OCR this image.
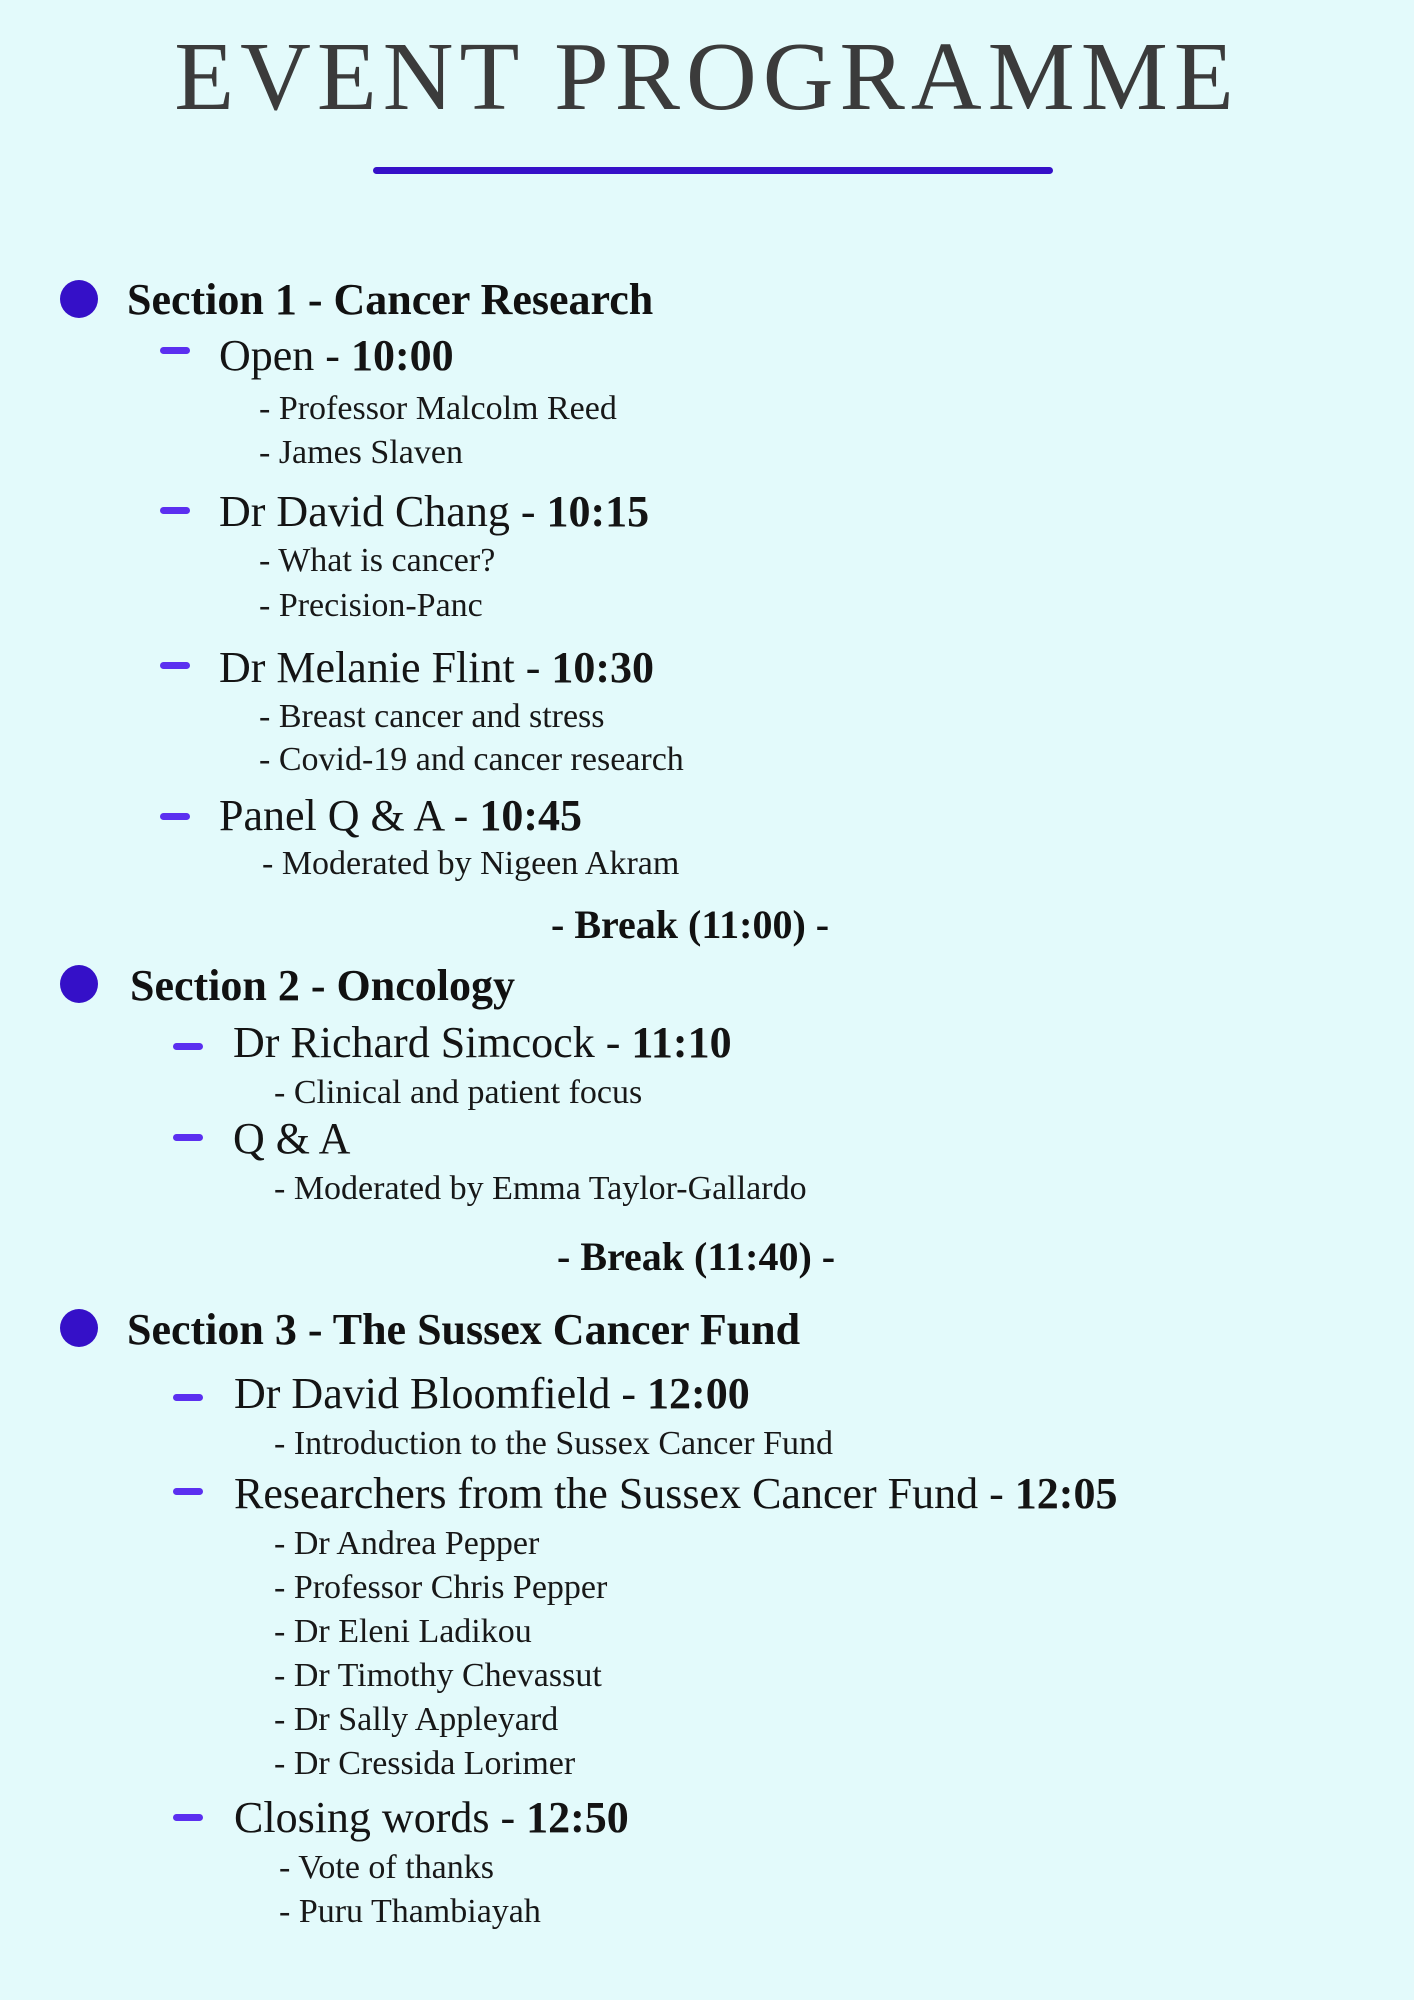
EVENT PROGRAMME
Section 1 - Cancer Research
Open - 10:00
- Professor Malcolm Reed
- James Slaven
Dr David Chang - 10:15
- What is cancer?
- Precision-Panc
Dr Melanie Flint - 10:30
- Breast cancer and stress
- Covid-19 and cancer research
Panel Q & A - 10:45
- Moderated by Nigeen Akram
- Break (11:00) -
Section 2 - Oncology
Dr Richard Simcock - 11:10
- Clinical and patient focus
Q & A
- Moderated by Emma Taylor-Gallardo
- Break (11:40) -
Section 3 - The Sussex Cancer Fund
Dr David Bloomfield - 12:00
- Introduction to the Sussex Cancer Fund
Researchers from the Sussex Cancer Fund - 12:05
- Dr Andrea Pepper
- Professor Chris Pepper
- Dr Eleni Ladikou
- Dr Timothy Chevassut
- Dr Sally Appleyard
- Dr Cressida Lorimer
Closing words - 12:50
- Vote of thanks
- Puru Thambiayah
